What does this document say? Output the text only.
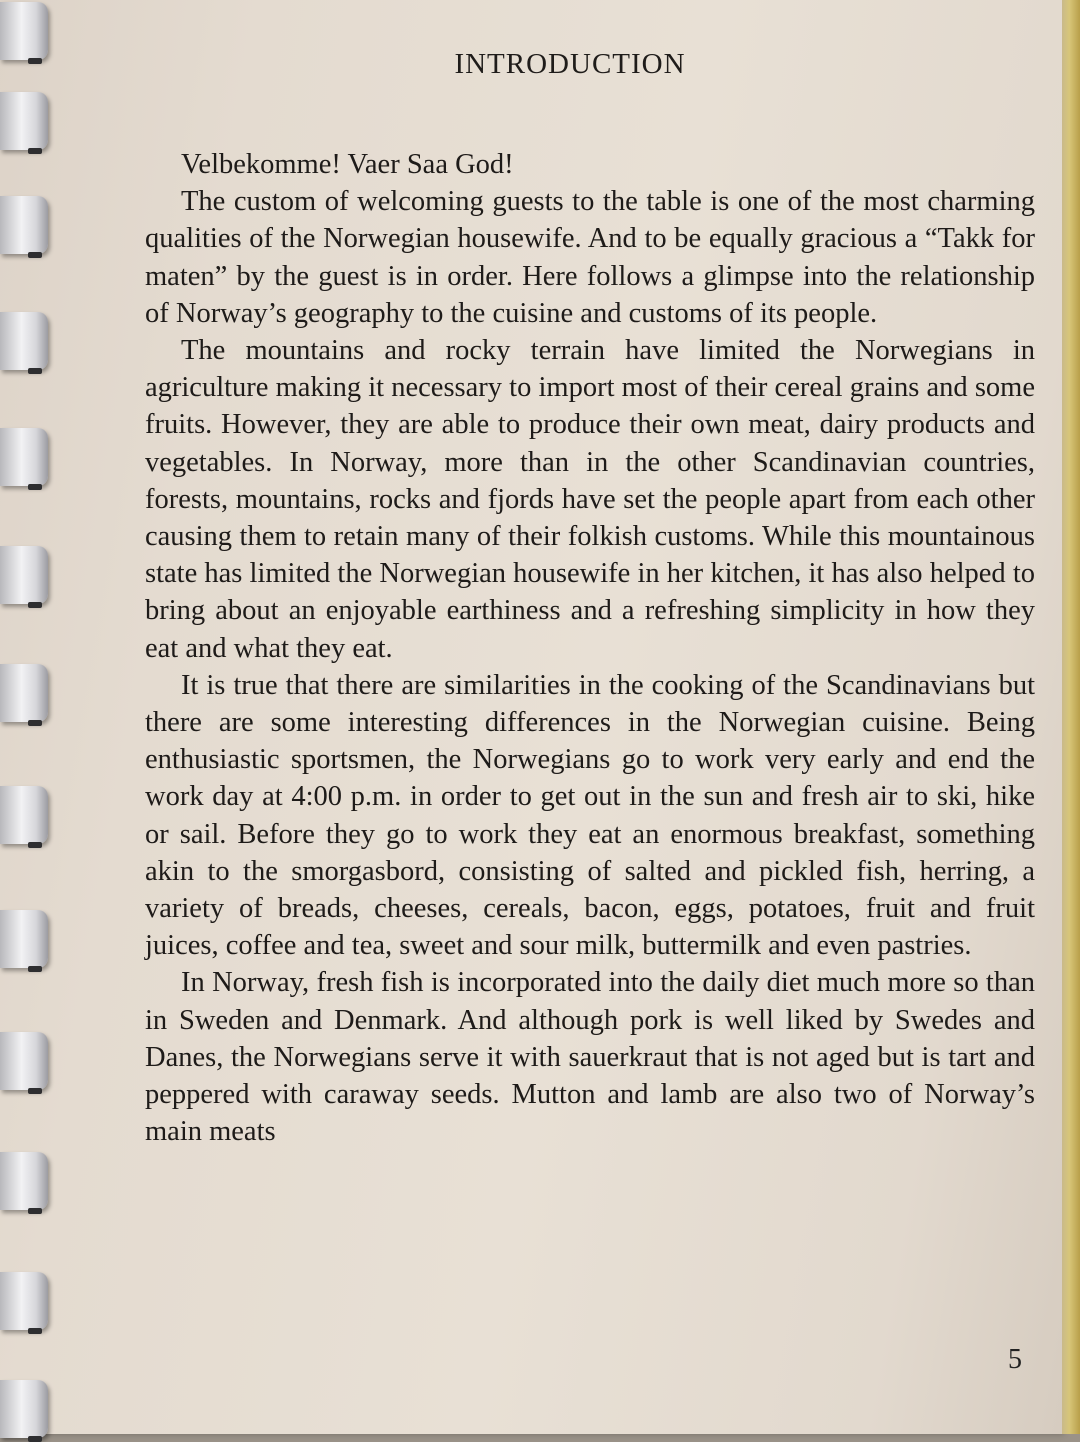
INTRODUCTION

Velbekomme! Vaer Saa God!

The custom of welcoming guests to the table is one of the most charming qualities of the Norwegian housewife. And to be equally gracious a “Takk for maten” by the guest is in order. Here follows a glimpse into the relationship of Norway’s geography to the cuisine and customs of its people.

The mountains and rocky terrain have limited the Norwegians in agriculture making it necessary to import most of their cereal grains and some fruits. However, they are able to produce their own meat, dairy products and vegetables. In Norway, more than in the other Scandinavian countries, forests, mountains, rocks and fjords have set the people apart from each other causing them to retain many of their folkish customs. While this mountainous state has limited the Norwegian housewife in her kitchen, it has also helped to bring about an enjoyable earthiness and a refreshing simplicity in how they eat and what they eat.

It is true that there are similarities in the cooking of the Scandinavians but there are some interesting differences in the Norwegian cuisine. Being enthusiastic sportsmen, the Norwegians go to work very early and end the work day at 4:00 p.m. in order to get out in the sun and fresh air to ski, hike or sail. Before they go to work they eat an enormous breakfast, something akin to the smorgasbord, consisting of salted and pickled fish, herring, a variety of breads, cheeses, cereals, bacon, eggs, potatoes, fruit and fruit juices, coffee and tea, sweet and sour milk, buttermilk and even pastries.

In Norway, fresh fish is incorporated into the daily diet much more so than in Sweden and Denmark. And although pork is well liked by Swedes and Danes, the Norwegians serve it with sauerkraut that is not aged but is tart and peppered with caraway seeds. Mutton and lamb are also two of Norway’s main meats

5
